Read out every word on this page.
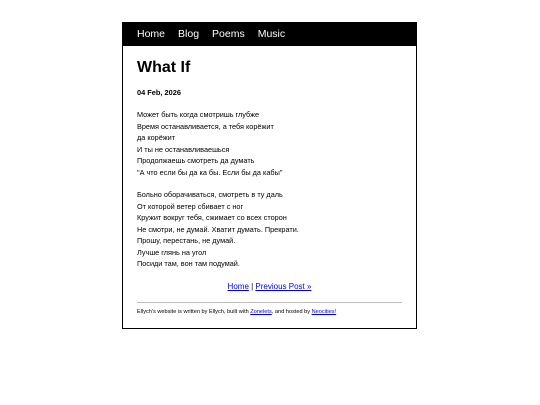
Home Blog Poems Music
What If
04 Feb, 2026
Может быть когда смотришь глубже
Время останавливается, а тебя корёжит
да корёжит
И ты не останавливаешься
Продолжаешь смотреть да думать
"А что если бы да ка бы. Если бы да кабы"
Больно оборачиваться, смотреть в ту даль
От которой ветер сбивает с ног
Кружит вокруг тебя, сжимает со всех сторон
Не смотри, не думай. Хватит думать. Прекрати.
Прошу, перестань, не думай.
Лучше глянь на угол
Посиди там, вон там подумай.
Home | Previous Post »
Ellych's website is written by Ellych, built with Zonelets, and hosted by Neocities!
